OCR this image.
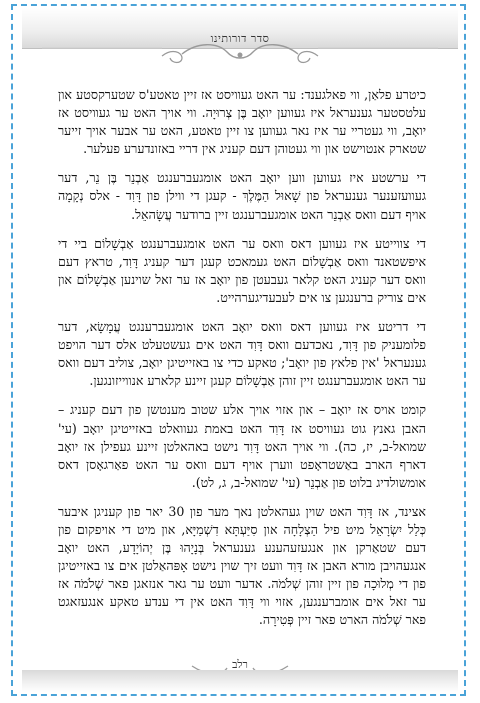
סדר דורותינו

כיטרע פלאַן, ווי פאלגענד: ער האט געוויסט אז זיין טאטע'ס שטערקסטע און עלטסטער גענעראל איז געווען יואָב בֶּן צְרוּיָה. ווי אויך האט ער געוויסט אז יואָב, ווי געטריי ער איז נאר געווען צו זיין טאטע, האט ער אבער אויך זייער שטארק אנטוישט און ווי געטוהן דעם קעניג אין דריי באזונדערע פעלער.

די ערשטע איז געווען ווען יואָב האט אומגעברענגט אַבְנֵר בֶּן נֵר, דער געוועזענער גענעראל פון שָׁאוּל הַמֶּלֶךְ - קעגן די ווילן פון דָּוִד - אלס נְקָמָה אויף דעם וואס אַבְנֵר האט אומגעברענגט זיין ברודער עֲשָׂהאֵל.

די צווייטע איז געווען דאס וואס ער האט אומגעברענגט אַבְשָׁלוֹם ביי די איפשטאנד וואס אַבְשָׁלוֹם האט געמאכט קעגן דער קעניג דָּוִד, טראץ דעם וואס דער קעניג האט קלאר געבעטן פון יואָב אז ער זאל שוינען אַבְשָׁלוֹם און אים צוריק ברענגען צו אים לעבעדיגערהייט.

די דריטע איז געווען דאס וואס יואָב האט אומגעברענגט עֲמָשָׂא, דער פלומעניק פון דָּוִד, נאכדעם וואס דָּוִד האט אים געשטעלט אלס דער הויפט גענעראל 'אין פלאץ פון יואָב'; טאקע כדי צו באזייטיגן יואָב, צוליב דעם וואס ער האט אומגעברענגט זיין זוהן אַבְשָׁלוֹם קעגן זיינע קלארע אנווייזונגען.

קומט אויס אז יואָב – און אזוי אויך אלע שטוב מענטשן פון דעם קעניג – האבן גאנץ גוט געוויסט אז דָּוִד האט באמת געוואלט באזייטיגן יואָב (עי' שמואל-ב, יז, כה). ווי אויך האט דָּוִד נישט באהאלטן זיינע געפילן אז יואָב דארף הארב באַשטראָפט ווערן אויף דעם וואס ער האט פאַרגאָסן דאס אומשולדיג בלוט פון אַבְנֵר (עי' שמואל-ב, ג, לט).

אצינד, אז דָּוִד האט שוין געהאלטן נאך מער פון 30 יאר פון קעניגן איבער כְּלַל יִשְׂרָאֵל מיט פיל הַצְלָחָה און סִיַּעְתָּא דִשְׁמַיָּא, און מיט די אויפקום פון דעם שטאַרקן און אנגעזעהענע גענעראל בְּנָיָהוּ בֶּן יְהוֹיָדָע, האט יואָב אנגעהויבן מורא האבן אז דָּוִד וועט זיך שוין נישט אָפּהאַלטן אים צו באזייטיגן פון די מְלוּכָה פון זיין זוהן שְׁלֹמֹה. אדער וועט ער גאר אנזאגן פאר שְׁלֹמֹה אז ער זאל אים אומברענגען, אזוי ווי דָּוִד האט אין די ענדע טאקע אנגעזאגט פאר שְׁלֹמֹה הארט פאר זיין פְּטִירָה.

רלב
